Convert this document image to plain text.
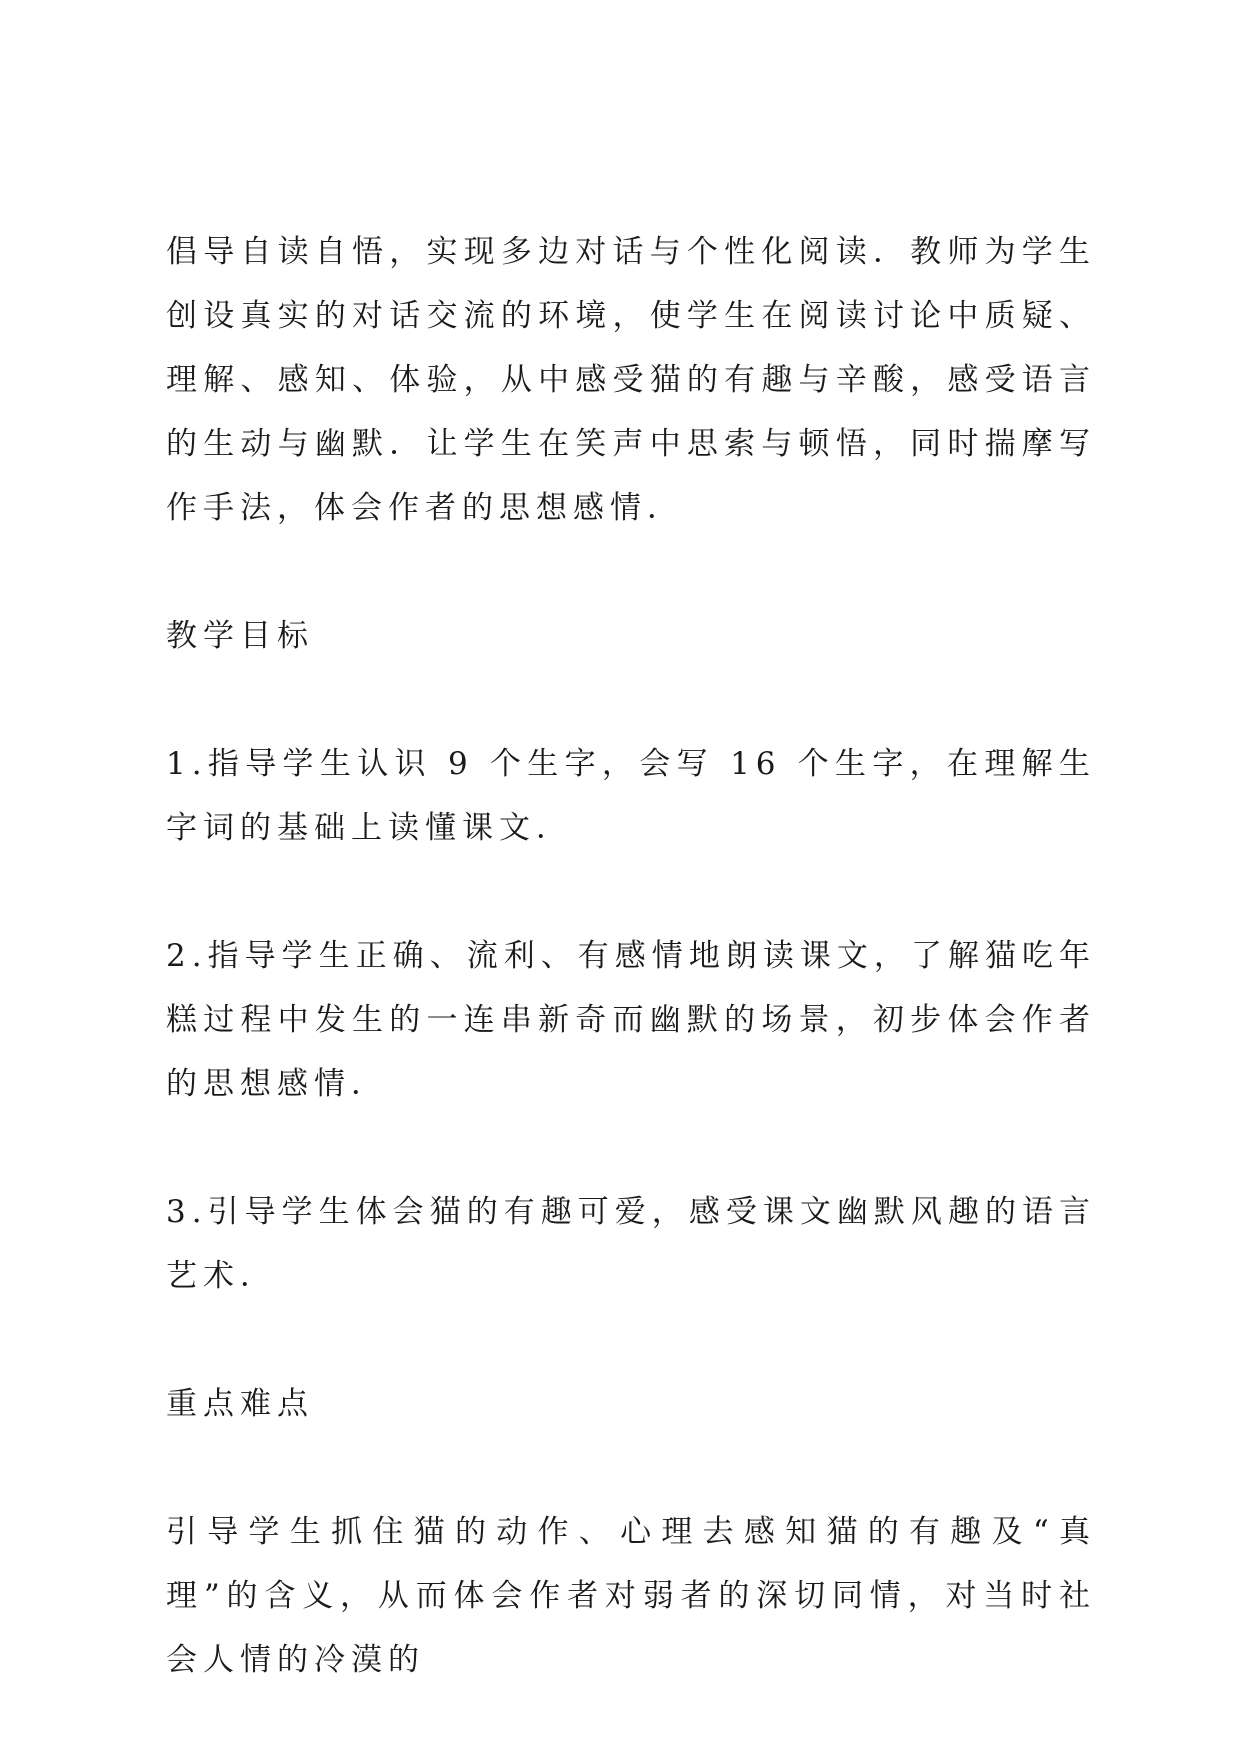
倡导自读自悟，实现多边对话与个性化阅读．教师为学生创设真实的对话交流的环境，使学生在阅读讨论中质疑、理解、感知、体验，从中感受猫的有趣与辛酸，感受语言的生动与幽默．让学生在笑声中思索与顿悟，同时揣摩写作手法，体会作者的思想感情．

教学目标

1.指导学生认识 9 个生字，会写 16 个生字，在理解生字词的基础上读懂课文．

2.指导学生正确、流利、有感情地朗读课文，了解猫吃年糕过程中发生的一连串新奇而幽默的场景，初步体会作者的思想感情．

3.引导学生体会猫的有趣可爱，感受课文幽默风趣的语言艺术．

重点难点

引导学生抓住猫的动作、心理去感知猫的有趣及“真理”的含义，从而体会作者对弱者的深切同情，对当时社会人情的冷漠的
